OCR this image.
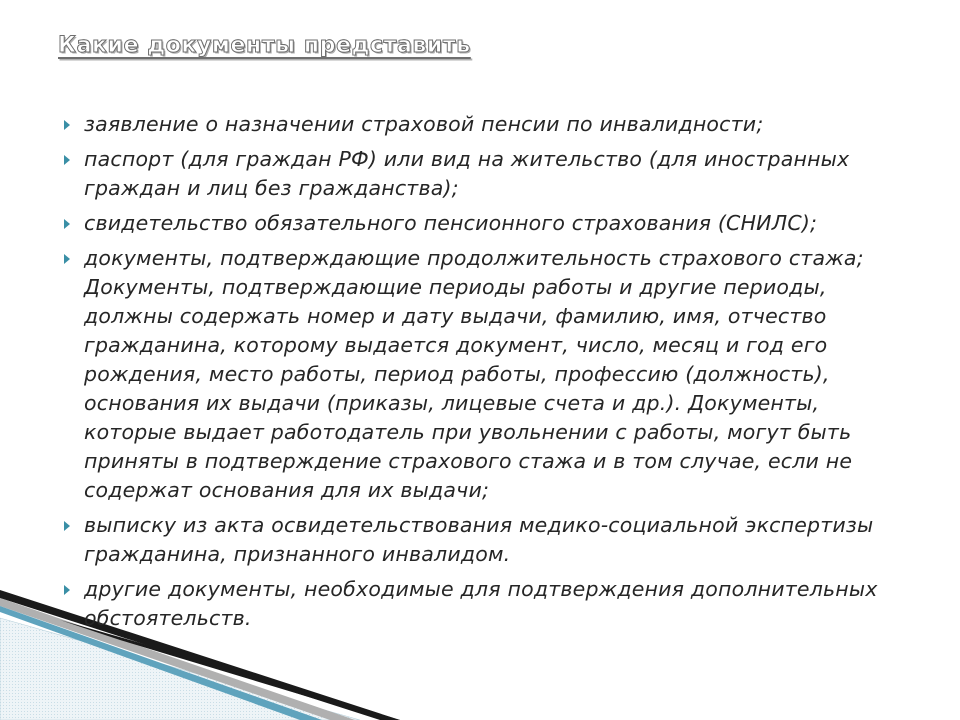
Какие документы представить
заявление о назначении страховой пенсии по инвалидности;
паспорт (для граждан РФ) или вид на жительство (для иностранных граждан и лиц без гражданства);
свидетельство обязательного пенсионного страхования (СНИЛС);
документы, подтверждающие продолжительность страхового стажа; Документы, подтверждающие периоды работы и другие периоды, должны содержать номер и дату выдачи, фамилию, имя, отчество гражданина, которому выдается документ, число, месяц и год его рождения, место работы, период работы, профессию (должность), основания их выдачи (приказы, лицевые счета и др.). Документы, которые выдает работодатель при увольнении с работы, могут быть приняты в подтверждение страхового стажа и в том случае, если не содержат основания для их выдачи;
выписку из акта освидетельствования медико-социальной экспертизы гражданина, признанного инвалидом.
другие документы, необходимые для подтверждения дополнительных обстоятельств.
